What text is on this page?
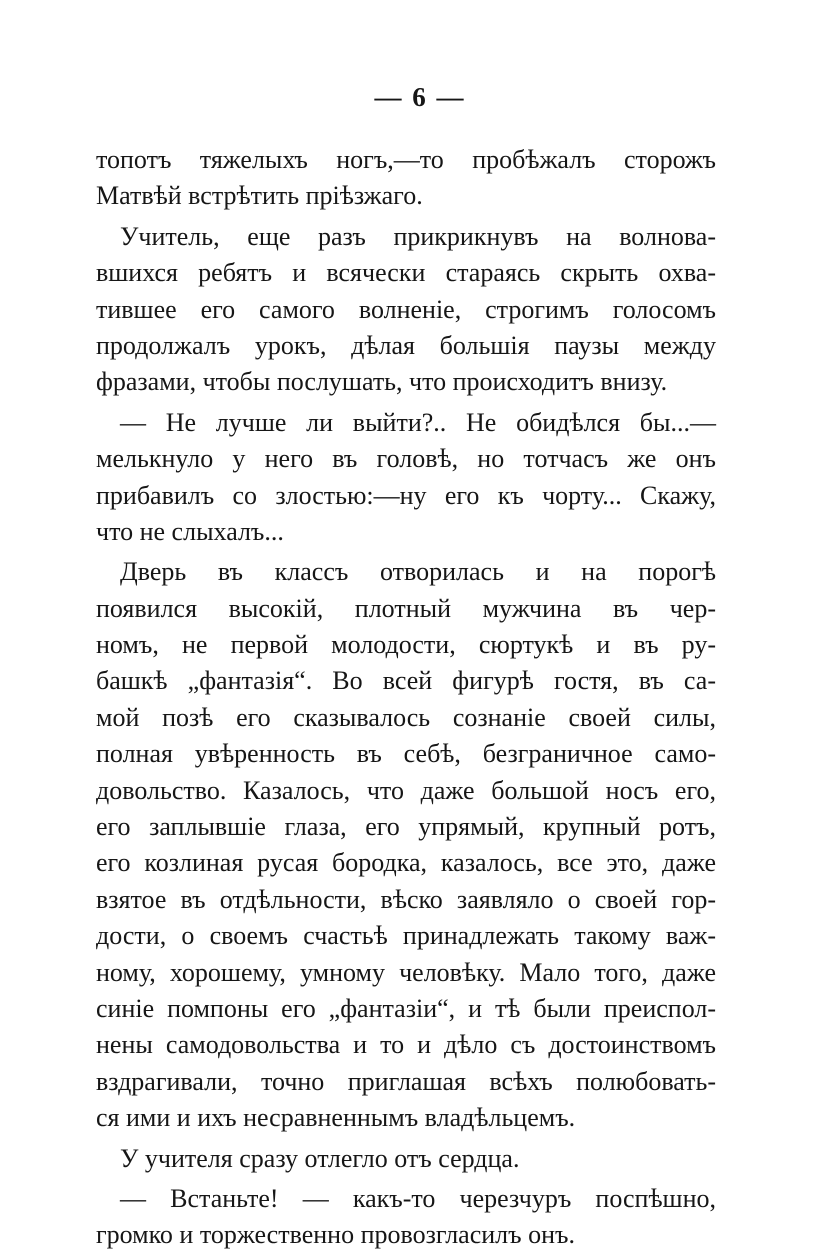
— 6 —
топотъ тяжелыхъ ногъ,—то пробѣжалъ сторожъ
Матвѣй встрѣтить пріѣзжаго.
Учитель, еще разъ прикрикнувъ на волнова-
вшихся ребятъ и всячески стараясь скрыть охва-
тившее его самого волненіе, строгимъ голосомъ
продолжалъ урокъ, дѣлая большія паузы между
фразами, чтобы послушать, что происходитъ внизу.
— Не лучше ли выйти?.. Не обидѣлся бы...—
мелькнуло у него въ головѣ, но тотчасъ же онъ
прибавилъ со злостью:—ну его къ чорту... Скажу,
что не слыхалъ...
Дверь въ классъ отворилась и на порогѣ
появился высокій, плотный мужчина въ чер-
номъ, не первой молодости, сюртукѣ и въ ру-
башкѣ „фантазія“. Во всей фигурѣ гостя, въ са-
мой позѣ его сказывалось сознаніе своей силы,
полная увѣренность въ себѣ, безграничное само-
довольство. Казалось, что даже большой носъ его,
его заплывшіе глаза, его упрямый, крупный ротъ,
его козлиная русая бородка, казалось, все это, даже
взятое въ отдѣльности, вѣско заявляло о своей гор-
дости, о своемъ счастьѣ принадлежать такому важ-
ному, хорошему, умному человѣку. Мало того, даже
синіе помпоны его „фантазіи“, и тѣ были преиспол-
нены самодовольства и то и дѣло съ достоинствомъ
вздрагивали, точно приглашая всѣхъ полюбовать-
ся ими и ихъ несравненнымъ владѣльцемъ.
У учителя сразу отлегло отъ сердца.
— Встаньте! — какъ-то черезчуръ поспѣшно,
громко и торжественно провозгласилъ онъ.
